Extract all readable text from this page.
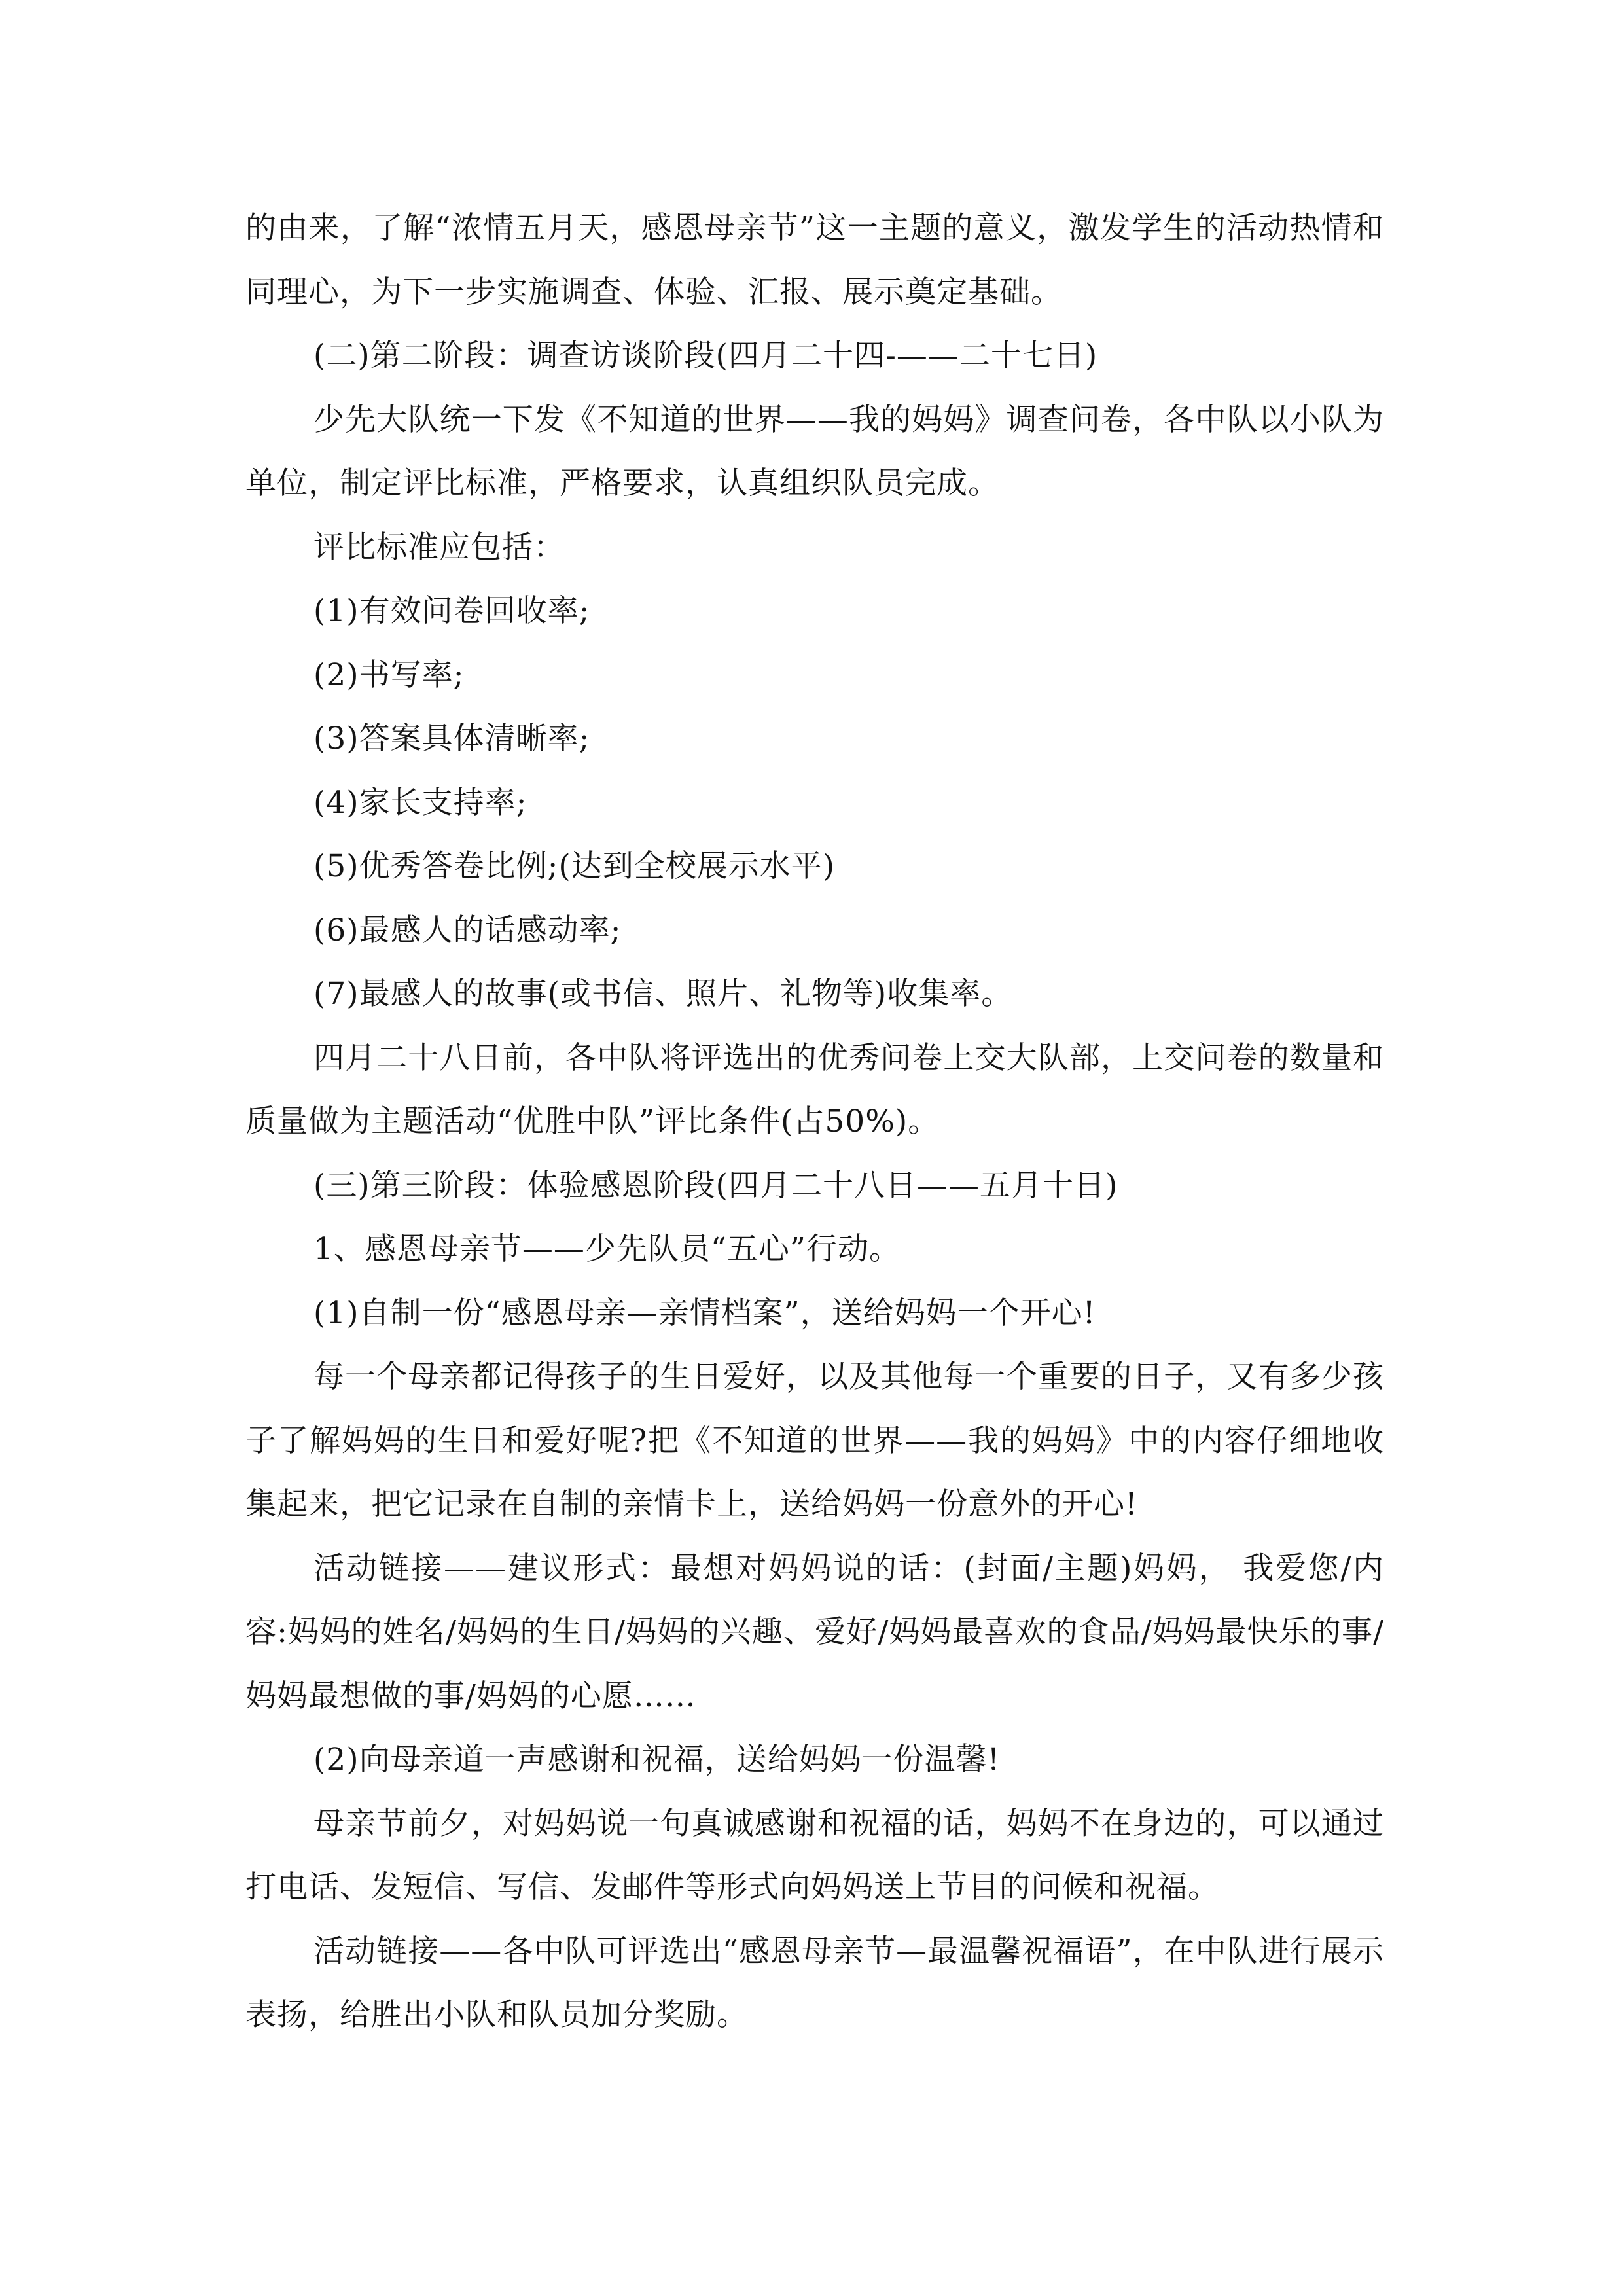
的由来，了解“浓情五月天，感恩母亲节”这一主题的意义，激发学生的活动热情和同理心，为下一步实施调查、体验、汇报、展示奠定基础。

(二)第二阶段：调查访谈阶段(四月二十四-——二十七日)

少先大队统一下发《不知道的世界——我的妈妈》调查问卷，各中队以小队为单位，制定评比标准，严格要求，认真组织队员完成。

评比标准应包括：

(1)有效问卷回收率;

(2)书写率;

(3)答案具体清晰率;

(4)家长支持率;

(5)优秀答卷比例;(达到全校展示水平)

(6)最感人的话感动率;

(7)最感人的故事(或书信、照片、礼物等)收集率。

四月二十八日前，各中队将评选出的优秀问卷上交大队部，上交问卷的数量和质量做为主题活动“优胜中队”评比条件(占50%)。

(三)第三阶段：体验感恩阶段(四月二十八日——五月十日)

1、感恩母亲节——少先队员“五心”行动。

(1)自制一份“感恩母亲—亲情档案”，送给妈妈一个开心!

每一个母亲都记得孩子的生日爱好，以及其他每一个重要的日子，又有多少孩子了解妈妈的生日和爱好呢?把《不知道的世界——我的妈妈》中的内容仔细地收集起来，把它记录在自制的亲情卡上，送给妈妈一份意外的开心!

活动链接——建议形式：最想对妈妈说的话：(封面/主题)妈妈， 我爱您/内容:妈妈的姓名/妈妈的生日/妈妈的兴趣、爱好/妈妈最喜欢的食品/妈妈最快乐的事/妈妈最想做的事/妈妈的心愿……

(2)向母亲道一声感谢和祝福，送给妈妈一份温馨!

母亲节前夕，对妈妈说一句真诚感谢和祝福的话，妈妈不在身边的，可以通过打电话、发短信、写信、发邮件等形式向妈妈送上节目的问候和祝福。

活动链接——各中队可评选出“感恩母亲节—最温馨祝福语”，在中队进行展示表扬，给胜出小队和队员加分奖励。
